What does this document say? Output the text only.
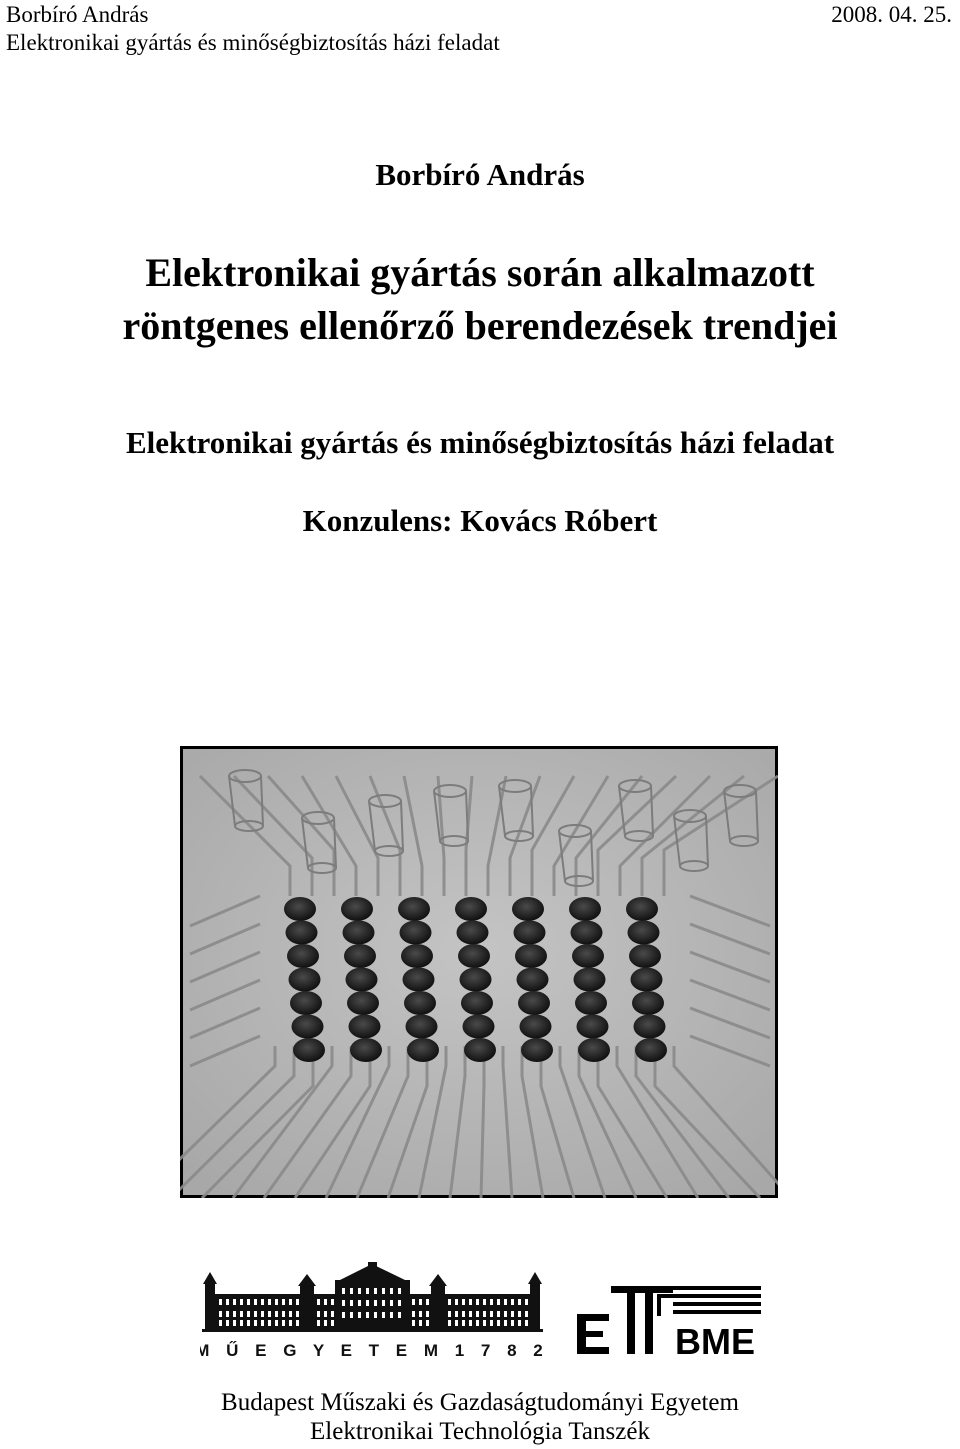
Borbíró András	2008. 04. 25.
Elektronikai gyártás és minőségbiztosítás házi feladat
Borbíró András
Elektronikai gyártás során alkalmazott
röntgenes ellenőrző berendezések trendjei
Elektronikai gyártás és minőségbiztosítás házi feladat
Konzulens: Kovács Róbert
M Ű E G Y E T E M 1 7 8 2	BME
Budapest Műszaki és Gazdaságtudományi Egyetem
Elektronikai Technológia Tanszék
